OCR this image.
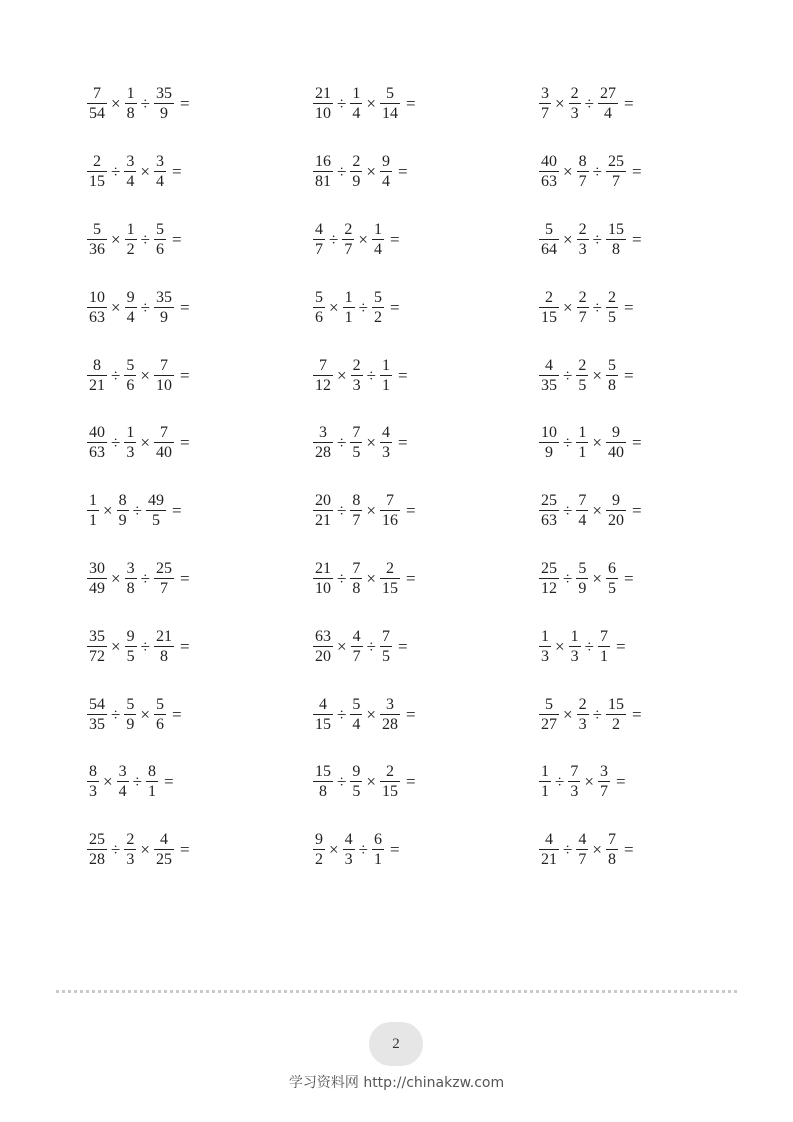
$\frac{7}{54} \times \frac{1}{8} \div \frac{35}{9}$ =	$\frac{21}{10} \div \frac{1}{4} \times \frac{5}{14}$ =	$\frac{3}{7} \times \frac{2}{3} \div \frac{27}{4}$ =
$\frac{2}{15} \div \frac{3}{4} \times \frac{3}{4}$ =	$\frac{16}{81} \div \frac{2}{9} \times \frac{9}{4}$ =	$\frac{40}{63} \times \frac{8}{7} \div \frac{25}{7}$ =
$\frac{5}{36} \times \frac{1}{2} \div \frac{5}{6}$ =	$\frac{4}{7} \div \frac{2}{7} \times \frac{1}{4}$ =	$\frac{5}{64} \times \frac{2}{3} \div \frac{15}{8}$ =
$\frac{10}{63} \times \frac{9}{4} \div \frac{35}{9}$ =	$\frac{5}{6} \times \frac{1}{1} \div \frac{5}{2}$ =	$\frac{2}{15} \times \frac{2}{7} \div \frac{2}{5}$ =
$\frac{8}{21} \div \frac{5}{6} \times \frac{7}{10}$ =	$\frac{7}{12} \times \frac{2}{3} \div \frac{1}{1}$ =	$\frac{4}{35} \div \frac{2}{5} \times \frac{5}{8}$ =
$\frac{40}{63} \div \frac{1}{3} \times \frac{7}{40}$ =	$\frac{3}{28} \div \frac{7}{5} \times \frac{4}{3}$ =	$\frac{10}{9} \div \frac{1}{1} \times \frac{9}{40}$ =
$\frac{1}{1} \times \frac{8}{9} \div \frac{49}{5}$ =	$\frac{20}{21} \div \frac{8}{7} \times \frac{7}{16}$ =	$\frac{25}{63} \div \frac{7}{4} \times \frac{9}{20}$ =
$\frac{30}{49} \times \frac{3}{8} \div \frac{25}{7}$ =	$\frac{21}{10} \div \frac{7}{8} \times \frac{2}{15}$ =	$\frac{25}{12} \div \frac{5}{9} \times \frac{6}{5}$ =
$\frac{35}{72} \times \frac{9}{5} \div \frac{21}{8}$ =	$\frac{63}{20} \times \frac{4}{7} \div \frac{7}{5}$ =	$\frac{1}{3} \times \frac{1}{3} \div \frac{7}{1}$ =
$\frac{54}{35} \div \frac{5}{9} \times \frac{5}{6}$ =	$\frac{4}{15} \div \frac{5}{4} \times \frac{3}{28}$ =	$\frac{5}{27} \times \frac{2}{3} \div \frac{15}{2}$ =
$\frac{8}{3} \times \frac{3}{4} \div \frac{8}{1}$ =	$\frac{15}{8} \div \frac{9}{5} \times \frac{2}{15}$ =	$\frac{1}{1} \div \frac{7}{3} \times \frac{3}{7}$ =
$\frac{25}{28} \div \frac{2}{3} \times \frac{4}{25}$ =	$\frac{9}{2} \times \frac{4}{3} \div \frac{6}{1}$ =	$\frac{4}{21} \div \frac{4}{7} \times \frac{7}{8}$ =
2
学习资料网 http://chinakzw.com
